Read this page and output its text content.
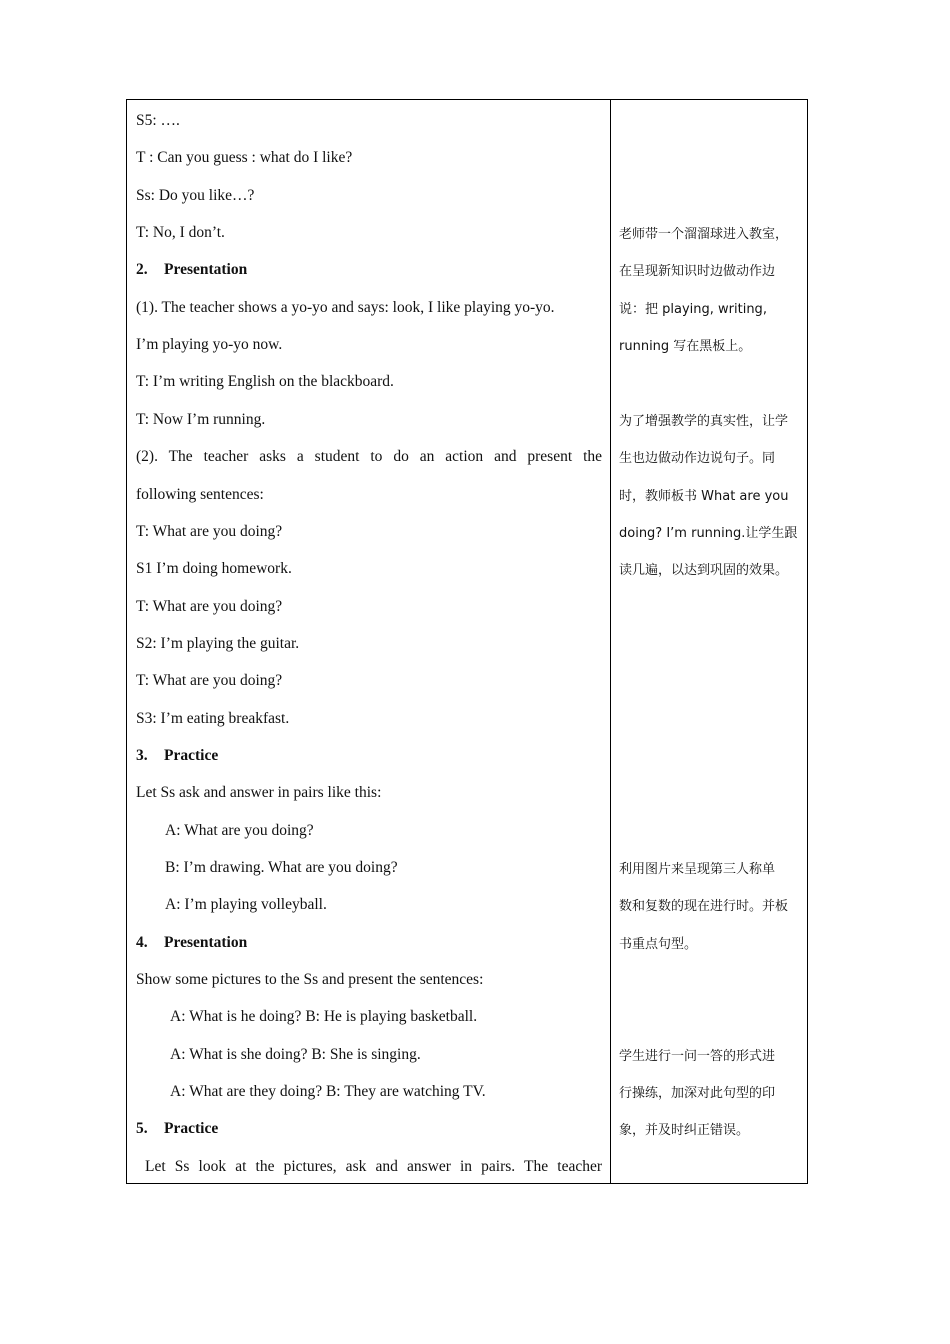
S5: ….
T : Can you guess : what do I like?
Ss: Do you like…?
T: No, I don’t.
2. Presentation
(1). The teacher shows a yo-yo and says: look, I like playing yo-yo.
I’m playing yo-yo now.
T: I’m writing English on the blackboard.
T: Now I’m running.
(2). The teacher asks a student to do an action and present the
following sentences:
T: What are you doing?
S1 I’m doing homework.
T: What are you doing?
S2: I’m playing the guitar.
T: What are you doing?
S3: I’m eating breakfast.
3. Practice
Let Ss ask and answer in pairs like this:
A: What are you doing?
B: I’m drawing. What are you doing?
A: I’m playing volleyball.
4. Presentation
Show some pictures to the Ss and present the sentences:
A: What is he doing? B: He is playing basketball.
A: What is she doing? B: She is singing.
A: What are they doing? B: They are watching TV.
5. Practice
Let Ss look at the pictures, ask and answer in pairs. The teacher
老师带一个溜溜球进入教室，
在呈现新知识时边做动作边
说：把 playing, writing,
running 写在黑板上。
为了增强教学的真实性，让学
生也边做动作边说句子。同
时，教师板书 What are you
doing? I’m running.让学生跟
读几遍，以达到巩固的效果。
利用图片来呈现第三人称单
数和复数的现在进行时。并板
书重点句型。
学生进行一问一答的形式进
行操练，加深对此句型的印
象，并及时纠正错误。
